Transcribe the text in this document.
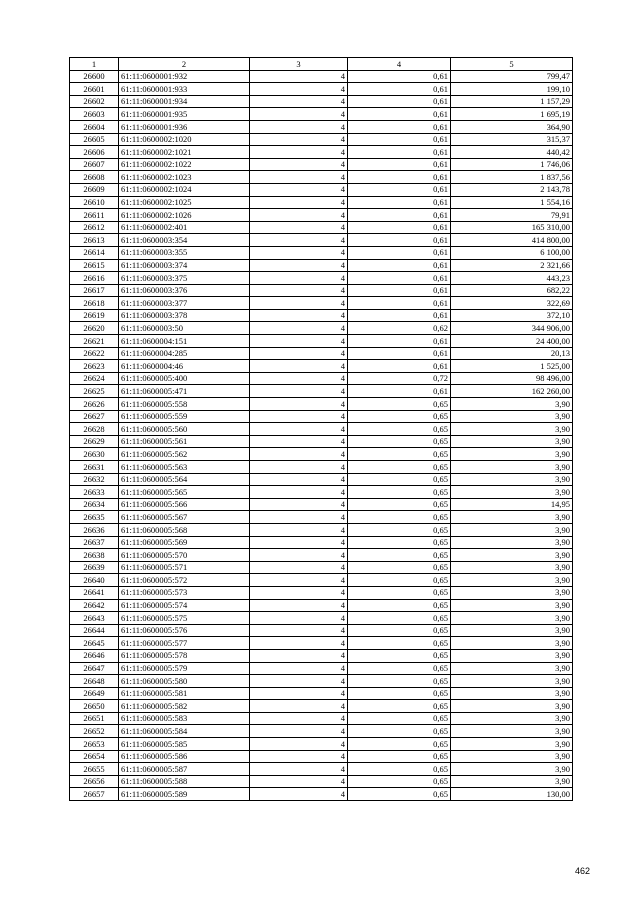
1	2	3	4	5
26600	61:11:0600001:932	4	0,61	799,47
26601	61:11:0600001:933	4	0,61	199,10
26602	61:11:0600001:934	4	0,61	1 157,29
26603	61:11:0600001:935	4	0,61	1 695,19
26604	61:11:0600001:936	4	0,61	364,90
26605	61:11:0600002:1020	4	0,61	315,37
26606	61:11:0600002:1021	4	0,61	440,42
26607	61:11:0600002:1022	4	0,61	1 746,06
26608	61:11:0600002:1023	4	0,61	1 837,56
26609	61:11:0600002:1024	4	0,61	2 143,78
26610	61:11:0600002:1025	4	0,61	1 554,16
26611	61:11:0600002:1026	4	0,61	79,91
26612	61:11:0600002:401	4	0,61	165 310,00
26613	61:11:0600003:354	4	0,61	414 800,00
26614	61:11:0600003:355	4	0,61	6 100,00
26615	61:11:0600003:374	4	0,61	2 321,66
26616	61:11:0600003:375	4	0,61	443,23
26617	61:11:0600003:376	4	0,61	682,22
26618	61:11:0600003:377	4	0,61	322,69
26619	61:11:0600003:378	4	0,61	372,10
26620	61:11:0600003:50	4	0,62	344 906,00
26621	61:11:0600004:151	4	0,61	24 400,00
26622	61:11:0600004:285	4	0,61	20,13
26623	61:11:0600004:46	4	0,61	1 525,00
26624	61:11:0600005:400	4	0,72	98 496,00
26625	61:11:0600005:471	4	0,61	162 260,00
26626	61:11:0600005:558	4	0,65	3,90
26627	61:11:0600005:559	4	0,65	3,90
26628	61:11:0600005:560	4	0,65	3,90
26629	61:11:0600005:561	4	0,65	3,90
26630	61:11:0600005:562	4	0,65	3,90
26631	61:11:0600005:563	4	0,65	3,90
26632	61:11:0600005:564	4	0,65	3,90
26633	61:11:0600005:565	4	0,65	3,90
26634	61:11:0600005:566	4	0,65	14,95
26635	61:11:0600005:567	4	0,65	3,90
26636	61:11:0600005:568	4	0,65	3,90
26637	61:11:0600005:569	4	0,65	3,90
26638	61:11:0600005:570	4	0,65	3,90
26639	61:11:0600005:571	4	0,65	3,90
26640	61:11:0600005:572	4	0,65	3,90
26641	61:11:0600005:573	4	0,65	3,90
26642	61:11:0600005:574	4	0,65	3,90
26643	61:11:0600005:575	4	0,65	3,90
26644	61:11:0600005:576	4	0,65	3,90
26645	61:11:0600005:577	4	0,65	3,90
26646	61:11:0600005:578	4	0,65	3,90
26647	61:11:0600005:579	4	0,65	3,90
26648	61:11:0600005:580	4	0,65	3,90
26649	61:11:0600005:581	4	0,65	3,90
26650	61:11:0600005:582	4	0,65	3,90
26651	61:11:0600005:583	4	0,65	3,90
26652	61:11:0600005:584	4	0,65	3,90
26653	61:11:0600005:585	4	0,65	3,90
26654	61:11:0600005:586	4	0,65	3,90
26655	61:11:0600005:587	4	0,65	3,90
26656	61:11:0600005:588	4	0,65	3,90
26657	61:11:0600005:589	4	0,65	130,00
462
